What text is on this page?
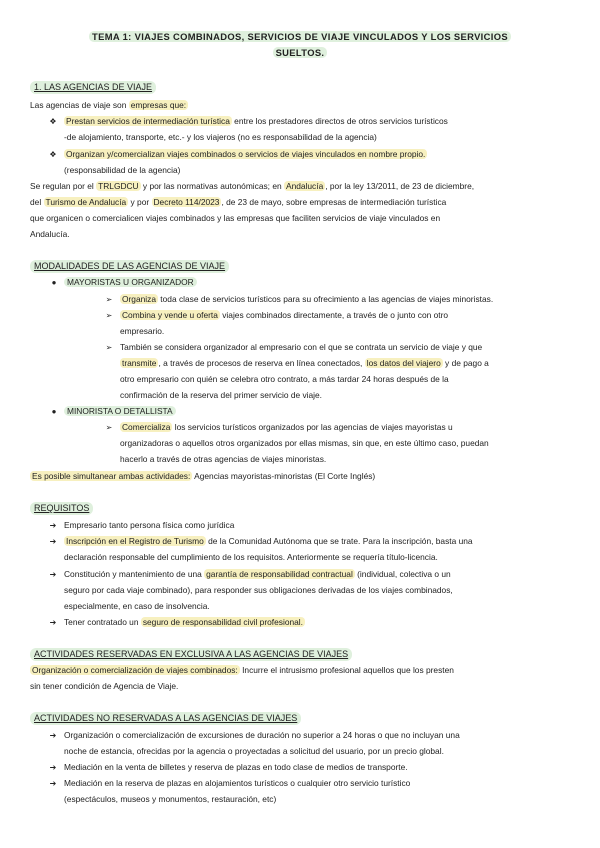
TEMA 1: VIAJES COMBINADOS, SERVICIOS DE VIAJE VINCULADOS Y LOS SERVICIOS
SUELTOS.
1. LAS AGENCIAS DE VIAJE
Las agencias de viaje son empresas que:
❖ Prestan servicios de intermediación turística entre los prestadores directos de otros servicios turísticos
-de alojamiento, transporte, etc.- y los viajeros (no es responsabilidad de la agencia)
❖ Organizan y/comercializan viajes combinados o servicios de viajes vinculados en nombre propio.
(responsabilidad de la agencia)
Se regulan por el TRLGDCU y por las normativas autonómicas; en Andalucía , por la ley 13/2011, de 23 de diciembre,
del Turismo de Andalucía y por Decreto 114/2023 , de 23 de mayo, sobre empresas de intermediación turística
que organicen o comercialicen viajes combinados y las empresas que faciliten servicios de viaje vinculados en
Andalucía.
MODALIDADES DE LAS AGENCIAS DE VIAJE
●	MAYORISTAS U ORGANIZADOR
➢	Organiza toda clase de servicios turísticos para su ofrecimiento a las agencias de viajes minoristas.
➢	Combina y vende u oferta viajes combinados directamente, a través de o junto con otro
empresario.
➢ También se considera organizador al empresario con el que se contrata un servicio de viaje y que
transmite , a través de procesos de reserva en línea conectados, los datos del viajero y de pago a
otro empresario con quién se celebra otro contrato, a más tardar 24 horas después de la
confirmación de la reserva del primer servicio de viaje.
●	MINORISTA O DETALLISTA
➢	Comercializa los servicios turísticos organizados por las agencias de viajes mayoristas u
organizadoras o aquellos otros organizados por ellas mismas, sin que, en este último caso, puedan
hacerlo a través de otras agencias de viajes minoristas.
Es posible simultanear ambas actividades: Agencias mayoristas-minoristas (El Corte Inglés)
REQUISITOS
➔ Empresario tanto persona física como jurídica
➔	Inscripción en el Registro de Turismo de la Comunidad Autónoma que se trate. Para la inscripción, basta una
declaración responsable del cumplimiento de los requisitos. Anteriormente se requería título-licencia.
➔ Constitución y mantenimiento de una garantía de responsabilidad contractual (individual, colectiva o un
seguro por cada viaje combinado), para responder sus obligaciones derivadas de los viajes combinados,
especialmente, en caso de insolvencia.
➔ Tener contratado un seguro de responsabilidad civil profesional.
ACTIVIDADES RESERVADAS EN EXCLUSIVA A LAS AGENCIAS DE VIAJES
Organización o comercialización de viajes combinados: Incurre el intrusismo profesional aquellos que los presten
sin tener condición de Agencia de Viaje.
ACTIVIDADES NO RESERVADAS A LAS AGENCIAS DE VIAJES
➔ Organización o comercialización de excursiones de duración no superior a 24 horas o que no incluyan una
noche de estancia, ofrecidas por la agencia o proyectadas a solicitud del usuario, por un precio global.
➔ Mediación en la venta de billetes y reserva de plazas en todo clase de medios de transporte.
➔ Mediación en la reserva de plazas en alojamientos turísticos o cualquier otro servicio turístico
(espectáculos, museos y monumentos, restauración, etc)
